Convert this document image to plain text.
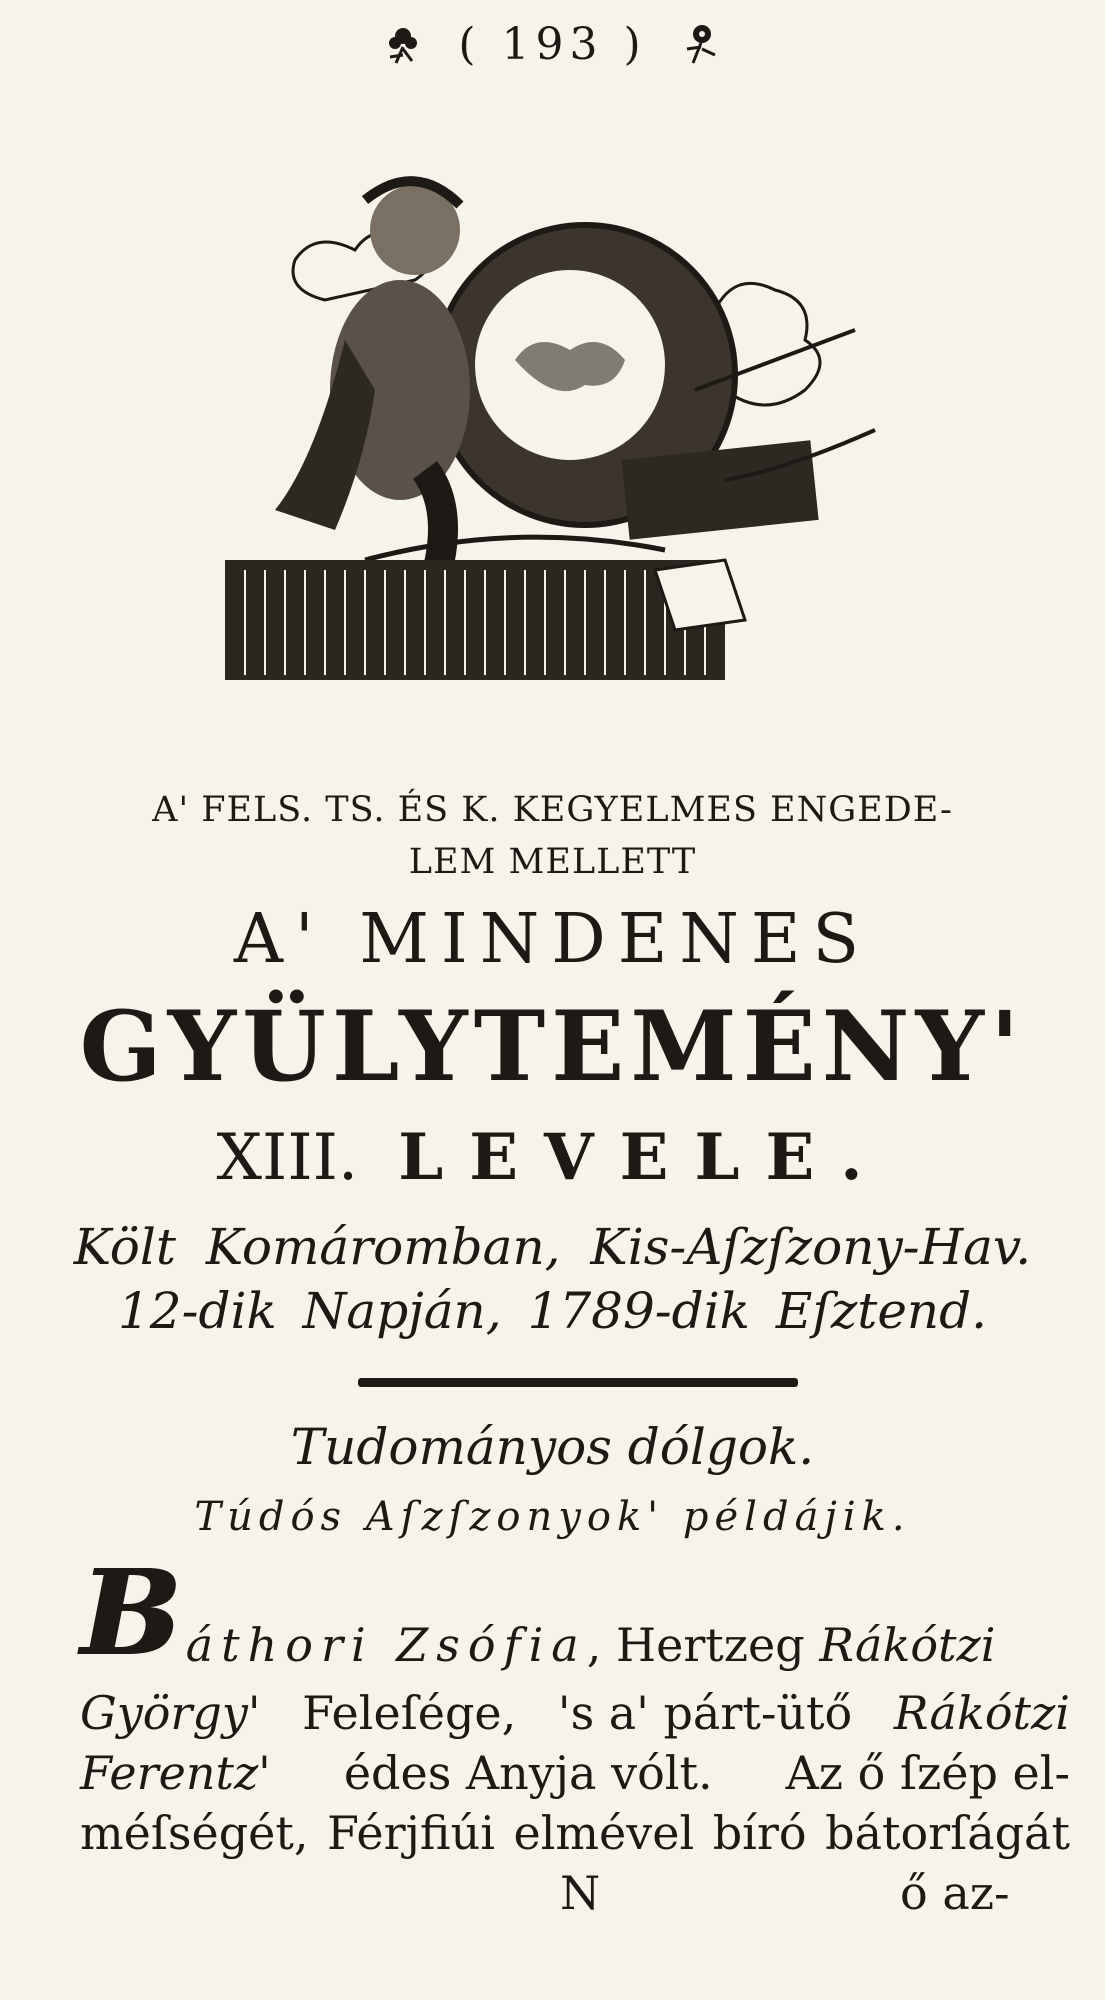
( 193 )
A' FELS. TS. ÉS K. KEGYELMES ENGEDE-
LEM MELLETT
A' MINDENES
GYÜLYTEMÉNY'
XIII. LEVELE.
Költ Komáromban, Kis-Aſzſzony-Hav.
12-dik Napján, 1789-dik Eſztend.
Tudományos dólgok.
Túdós Aſzſzonyok' példájik.
B áthori Zsófia , Hertzeg Rákótzi
György' Feleſége, 's a' párt-ütő Rákótzi
Ferentz' édes Anyja vólt. Az ő ſzép el-
méſségét, Férjfiúi elmével bíró bátorſágát
N	ő az-
